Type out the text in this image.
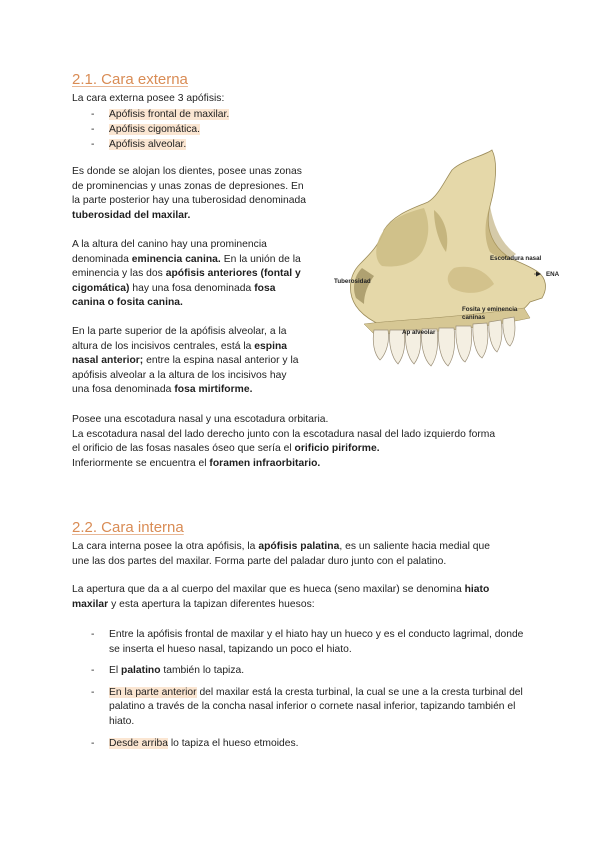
2.1. Cara externa
La cara externa posee 3 apófisis:
- Apófisis frontal de maxilar.
- Apófisis cigomática.
- Apófisis alveolar.
Es donde se alojan los dientes, posee unas zonas
de prominencias y unas zonas de depresiones. En
la parte posterior hay una tuberosidad denominada
tuberosidad del maxilar.
A la altura del canino hay una prominencia
denominada eminencia canina. En la unión de la
eminencia y las dos apófisis anteriores (fontal y
cigomática) hay una fosa denominada fosa
canina o fosita canina.
En la parte superior de la apófisis alveolar, a la
altura de los incisivos centrales, está la espina
nasal anterior; entre la espina nasal anterior y la
apófisis alveolar a la altura de los incisivos hay
una fosa denominada fosa mirtiforme.
Posee una escotadura nasal y una escotadura orbitaria.
La escotadura nasal del lado derecho junto con la escotadura nasal del lado izquierdo forma
el orificio de las fosas nasales óseo que sería el orificio piriforme.
Inferiormente se encuentra el foramen infraorbitario.
Escotadura nasal
ENA
Tuberosidad
Fosita y eminencia
caninas
Ap alveolar
2.2. Cara interna
La cara interna posee la otra apófisis, la apófisis palatina, es un saliente hacia medial que
une las dos partes del maxilar. Forma parte del paladar duro junto con el palatino.
La apertura que da a al cuerpo del maxilar que es hueca (seno maxilar) se denomina hiato
maxilar y esta apertura la tapizan diferentes huesos:
- Entre la apófisis frontal de maxilar y el hiato hay un hueco y es el conducto lagrimal, donde se inserta el hueso nasal, tapizando un poco el hiato.
- El palatino también lo tapiza.
- En la parte anterior del maxilar está la cresta turbinal, la cual se une a la cresta turbinal del palatino a través de la concha nasal inferior o cornete nasal inferior, tapizando también el hiato.
- Desde arriba lo tapiza el hueso etmoides.
